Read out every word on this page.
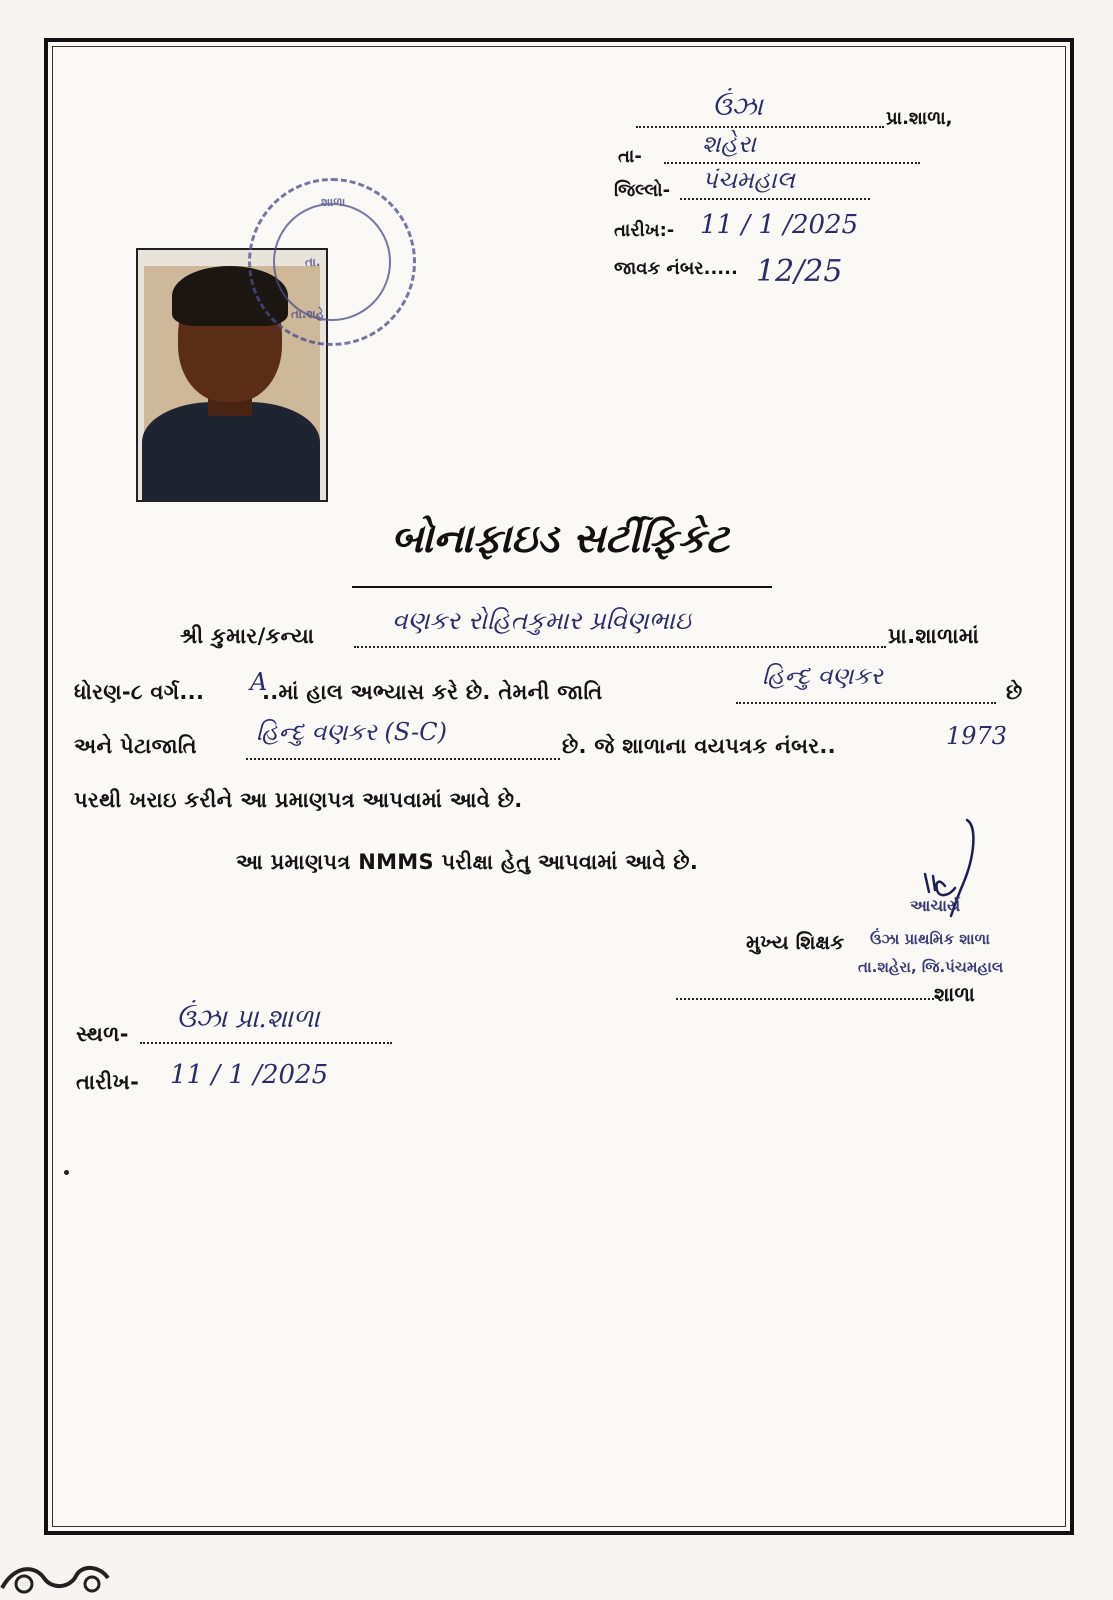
ઉંઝા	પ્રા.શાળા,
તા-	શહેરા
જિલ્લો- પંચમહાલ
તારીખ:- 11 / 1 /2025
જાવક નંબર..... 12/25
શાળા
તા.
તા.શહે
બોનાફાઇડ સર્ટીફિકેટ
શ્રી કુમાર/કન્યા
વણકર રોહિતકુમાર પ્રવિણભાઇ
પ્રા.શાળામાં
ધોરણ-૮ વર્ગ... A
..માં હાલ અભ્યાસ કરે છે. તેમની જાતિ
હિન્દુ વણકર
છે
અને પેટાજાતિ હિન્દુ વણકર (S-C)	છે. જે શાળાના વયપત્રક નંબર..	1973
પરથી ખરાઇ કરીને આ પ્રમાણપત્ર આપવામાં આવે છે.
આ પ્રમાણપત્ર NMMS પરીક્ષા હેતુ આપવામાં આવે છે.
આચાર્ય
મુખ્ય શિક્ષક ઉંઝા પ્રાથમિક શાળા
તા.શહેરા, જિ.પંચમહાલ
શાળા
સ્થળ- ઉંઝા પ્રા.શાળા
તારીખ- 11 / 1 /2025
